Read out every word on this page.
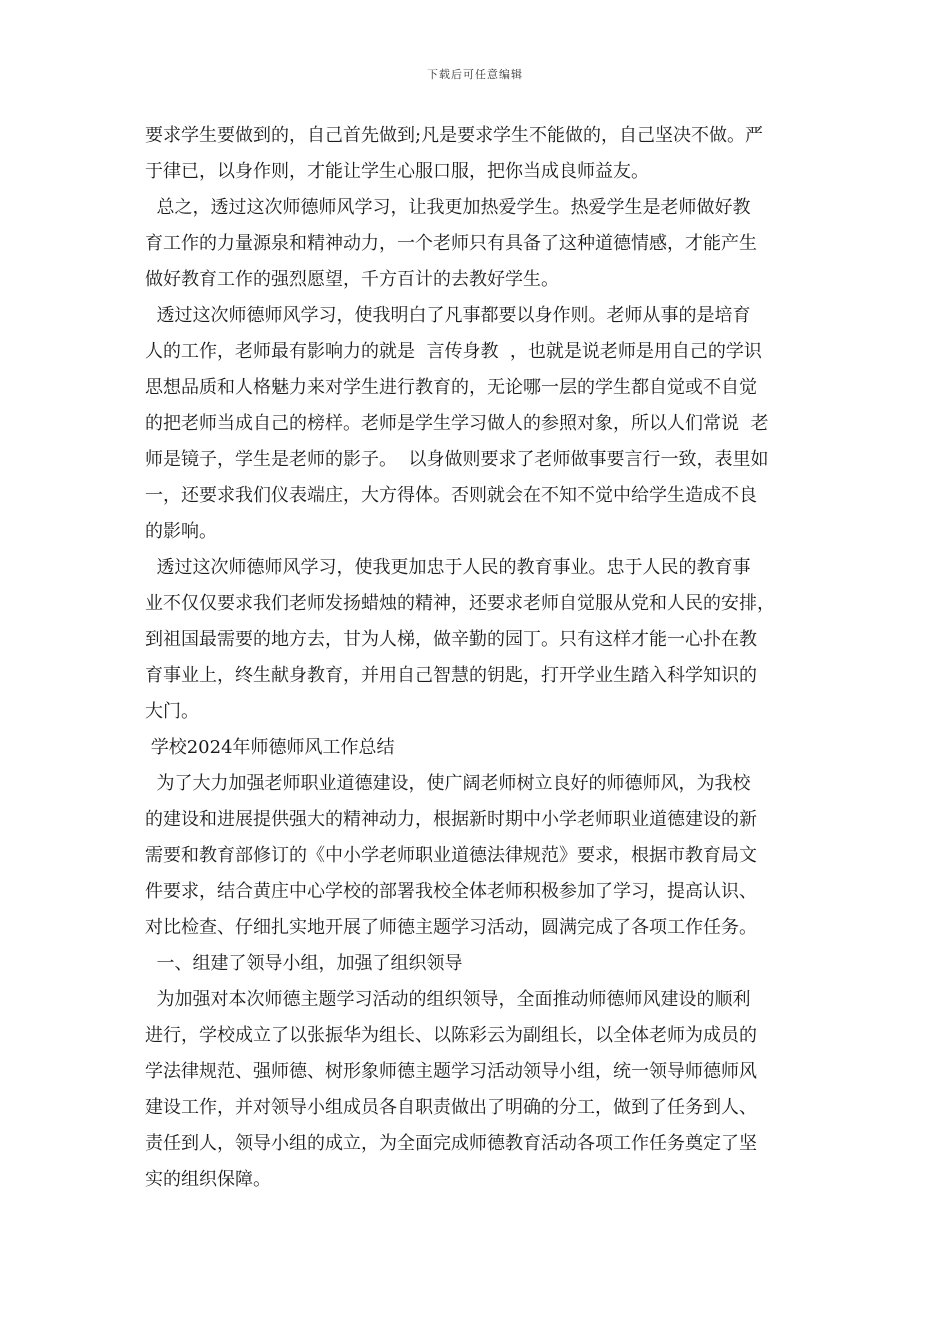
下载后可任意编辑
要求学生要做到的，自己首先做到;凡是要求学生不能做的，自己坚决不做。严
于律已，以身作则，才能让学生心服口服，把你当成良师益友。
总之，透过这次师德师风学习，让我更加热爱学生。热爱学生是老师做好教
育工作的力量源泉和精神动力，一个老师只有具备了这种道德情感，才能产生
做好教育工作的强烈愿望，千方百计的去教好学生。
透过这次师德师风学习，使我明白了凡事都要以身作则。老师从事的是培育
人的工作，老师最有影响力的就是  言传身教  ，也就是说老师是用自己的学识
思想品质和人格魅力来对学生进行教育的，无论哪一层的学生都自觉或不自觉
的把老师当成自己的榜样。老师是学生学习做人的参照对象，所以人们常说  老
师是镜子，学生是老师的影子。  以身做则要求了老师做事要言行一致，表里如
一，还要求我们仪表端庄，大方得体。否则就会在不知不觉中给学生造成不良
的影响。
透过这次师德师风学习，使我更加忠于人民的教育事业。忠于人民的教育事
业不仅仅要求我们老师发扬蜡烛的精神，还要求老师自觉服从党和人民的安排，
到祖国最需要的地方去，甘为人梯，做辛勤的园丁。只有这样才能一心扑在教
育事业上，终生献身教育，并用自己智慧的钥匙，打开学业生踏入科学知识的
大门。
学校2024年师德师风工作总结
为了大力加强老师职业道德建设，使广阔老师树立良好的师德师风，为我校
的建设和进展提供强大的精神动力，根据新时期中小学老师职业道德建设的新
需要和教育部修订的《中小学老师职业道德法律规范》要求，根据市教育局文
件要求，结合黄庄中心学校的部署我校全体老师积极参加了学习，提高认识、
对比检查、仔细扎实地开展了师德主题学习活动，圆满完成了各项工作任务。
一、组建了领导小组，加强了组织领导
为加强对本次师德主题学习活动的组织领导，全面推动师德师风建设的顺利
进行，学校成立了以张振华为组长、以陈彩云为副组长，以全体老师为成员的
学法律规范、强师德、树形象师德主题学习活动领导小组，统一领导师德师风
建设工作，并对领导小组成员各自职责做出了明确的分工，做到了任务到人、
责任到人，领导小组的成立，为全面完成师德教育活动各项工作任务奠定了坚
实的组织保障。
